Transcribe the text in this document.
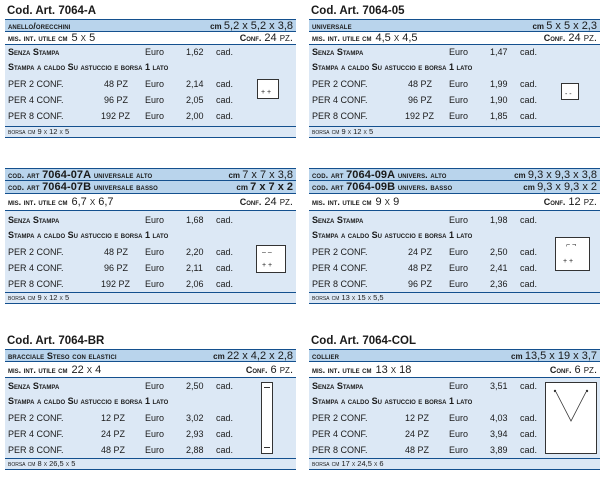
Cod. Art. 7064-A
anello/orecchini	cm 5,2 x 5,2 x 3,8
mis. int. utile cm 5 x 5	Conf. 24 pz.
Senza Stampa	Euro 1,62 cad.
Stampa a caldo Su astuccio e borsa 1 lato
PER 2 CONF.	48 PZ Euro 2,14 cad.
PER 4 CONF.	96 PZ Euro 2,05 cad.
PER 8 CONF.	192 PZ Euro 2,00 cad.
+ +
borsa cm 9 x 12 x 5
Cod. Art. 7064-05
universale	cm 5 x 5 x 2,3
mis. int. utile cm 4,5 x 4,5	Conf. 24 pz.
Senza Stampa	Euro 1,47 cad.
Stampa a caldo Su astuccio e borsa 1 lato
PER 2 CONF.	48 PZ Euro 1,99 cad.
PER 4 CONF.	96 PZ Euro 1,90 cad.
PER 8 CONF.	192 PZ Euro 1,85 cad.
- -
borsa cm 9 x 12 x 5
cod. art 7064-07A universale alto	cm 7 x 7 x 3,8
cod. art 7064-07B universale basso	cm 7 x 7 x 2
mis. int. utile cm 6,7 x 6,7	Conf. 24 pz.
Senza Stampa	Euro 1,68 cad.
Stampa a caldo Su astuccio e borsa 1 lato
PER 2 CONF.	48 PZ Euro 2,20 cad.
PER 4 CONF.	96 PZ Euro 2,11 cad.
PER 8 CONF.	192 PZ Euro 2,06 cad.
– –
+ +
borsa cm 9 x 12 x 5
cod. art 7064-09A univers. alto	cm 9,3 x 9,3 x 3,8
cod. art 7064-09B univers. basso	cm 9,3 x 9,3 x 2
mis. int. utile cm 9 x 9	Conf. 12 pz.
Senza Stampa	Euro 1,98 cad.
Stampa a caldo Su astuccio e borsa 1 lato
PER 2 CONF.	24 PZ Euro 2,50 cad.
PER 4 CONF.	48 PZ Euro 2,41 cad.
PER 8 CONF.	96 PZ Euro 2,36 cad.
⌐ ¬
+ +
borsa cm 13 x 15 x 5,5
Cod. Art. 7064-BR
bracciale Steso con elastici	cm 22 x 4,2 x 2,8
mis. int. utile cm 22 x 4	Conf. 6 pz.
Senza Stampa	Euro 2,50 cad.
Stampa a caldo Su astuccio e borsa 1 lato
PER 2 CONF.	12 PZ Euro 3,02 cad.
PER 4 CONF.	24 PZ Euro 2,93 cad.
PER 8 CONF.	48 PZ Euro 2,88 cad.
borsa cm 8 x 26,5 x 5
Cod. Art. 7064-COL
collier	cm 13,5 x 19 x 3,7
mis. int. utile cm 13 x 18	Conf. 6 pz.
Senza Stampa	Euro 3,51 cad.
Stampa a caldo Su astuccio e borsa 1 lato
PER 2 CONF.	12 PZ Euro 4,03 cad.
PER 4 CONF.	24 PZ Euro 3,94 cad.
PER 8 CONF.	48 PZ Euro 3,89 cad.
borsa cm 17 x 24,5 x 6
